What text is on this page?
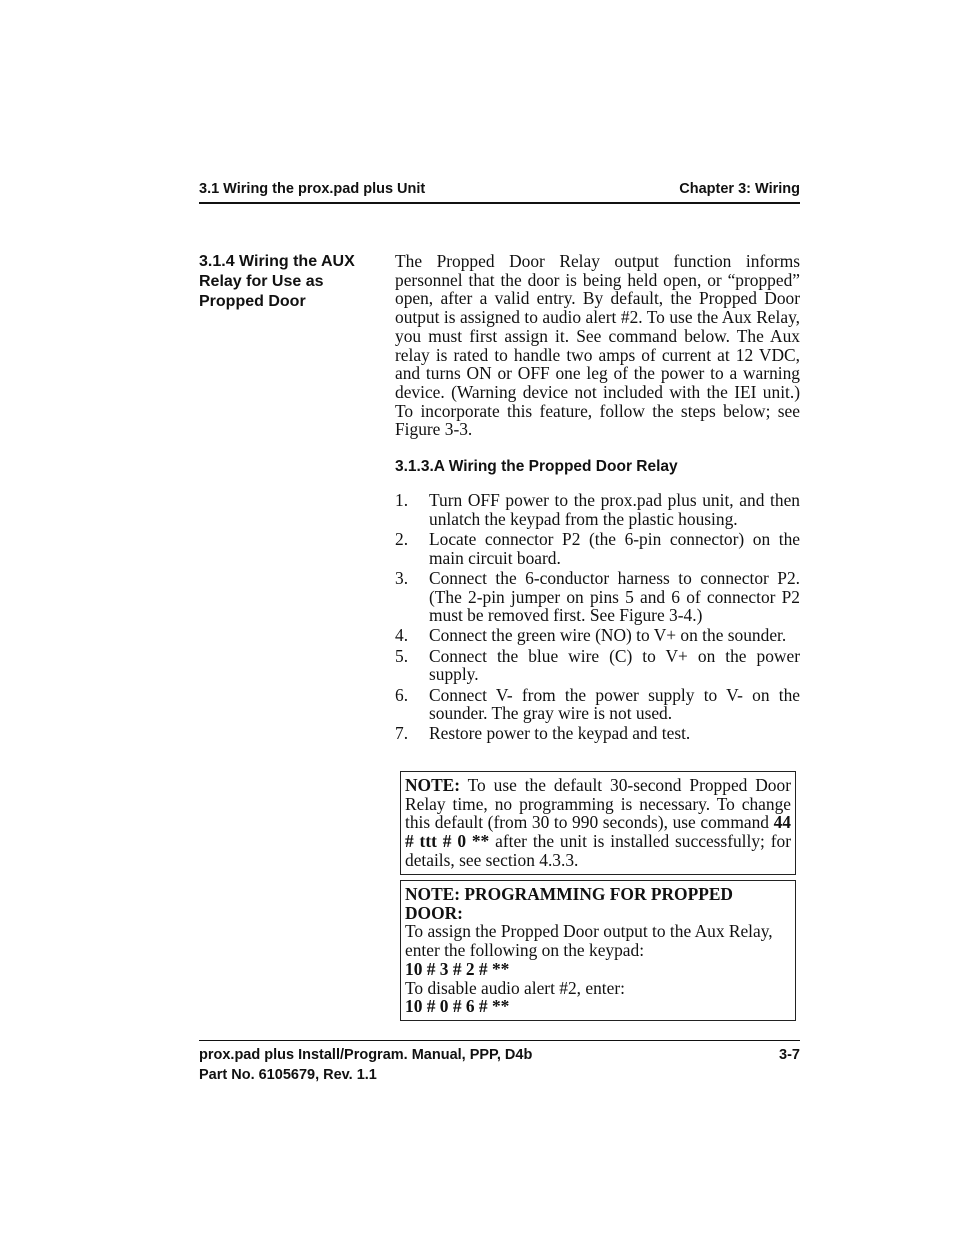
3.1 Wiring the prox.pad plus Unit	Chapter 3: Wiring
3.1.4 Wiring the AUX
Relay for Use as
Propped Door

The Propped Door Relay output function informs personnel that the door is being held open, or “propped” open, after a valid entry. By default, the Propped Door output is assigned to audio alert #2. To use the Aux Relay, you must first assign it. See command below. The Aux relay is rated to handle two amps of current at 12 VDC, and turns ON or OFF one leg of the power to a warning device. (Warning device not included with the IEI unit.) To incorporate this feature, follow the steps below; see Figure 3-3.

3.1.3.A Wiring the Propped Door Relay
1. Turn OFF power to the prox.pad plus unit, and then unlatch the keypad from the plastic housing.
2. Locate connector P2 (the 6-pin connector) on the main circuit board.
3. Connect the 6-conductor harness to connector P2. (The 2-pin jumper on pins 5 and 6 of connector P2 must be removed first. See Figure 3-4.)
4. Connect the green wire (NO) to V+ on the sounder.
5. Connect the blue wire (C) to V+ on the power supply.
6. Connect V- from the power supply to V- on the sounder. The gray wire is not used.
7. Restore power to the keypad and test.
NOTE: To use the default 30-second Propped Door Relay time, no programming is necessary. To change this default (from 30 to 990 seconds), use command 44 # ttt # 0 ** after the unit is installed successfully; for details, see section 4.3.3.
NOTE: PROGRAMMING FOR PROPPED DOOR:
To assign the Propped Door output to the Aux Relay, enter the following on the keypad:
10 # 3 # 2 # **
To disable audio alert #2, enter:
10 # 0 # 6 # **
prox.pad plus Install/Program. Manual, PPP, D4b	3-7
Part No. 6105679, Rev. 1.1
